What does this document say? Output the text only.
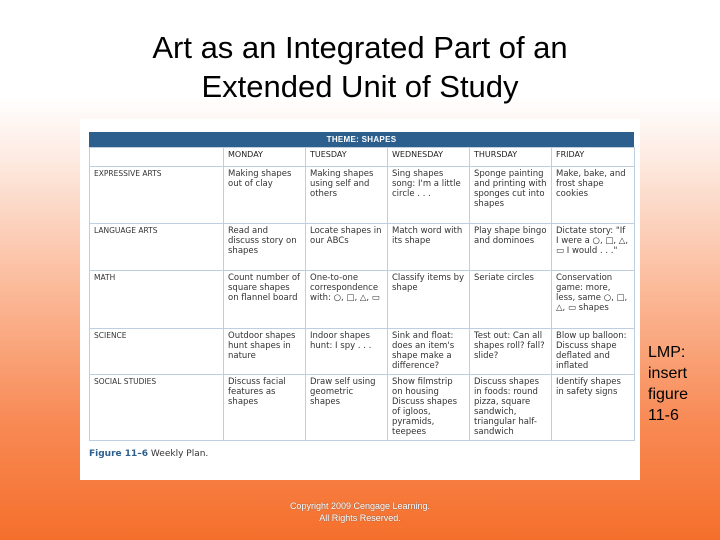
Art as an Integrated Part of an
Extended Unit of Study
THEME: SHAPES
	MONDAY	TUESDAY	WEDNESDAY	THURSDAY	FRIDAY
EXPRESSIVE ARTS	Making shapes out of clay	Making shapes using self and others	Sing shapes song: I'm a little circle . . .	Sponge painting and printing with sponges cut into shapes	Make, bake, and frost shape cookies
LANGUAGE ARTS	Read and discuss story on shapes	Locate shapes in our ABCs	Match word with its shape	Play shape bingo and dominoes	Dictate story: "If I were a ○, □, △, ▭ I would . . ."
MATH	Count number of square shapes on flannel board	One-to-one correspondence with: ○, □, △, ▭	Classify items by shape	Seriate circles	Conservation game: more, less, same ○, □, △, ▭ shapes
SCIENCE	Outdoor shapes hunt shapes in nature	Indoor shapes hunt: I spy . . .	Sink and float: does an item's shape make a difference?	Test out: Can all shapes roll? fall? slide?	Blow up balloon: Discuss shape deflated and inflated
SOCIAL STUDIES	Discuss facial features as shapes	Draw self using geometric shapes	Show filmstrip on housing Discuss shapes of igloos, pyramids, teepees	Discuss shapes in foods: round pizza, square sandwich, triangular half-sandwich	Identify shapes in safety signs
Figure 11–6 Weekly Plan.
LMP:
insert
figure
11-6
Copyright 2009 Cengage Learning.
All Rights Reserved.
